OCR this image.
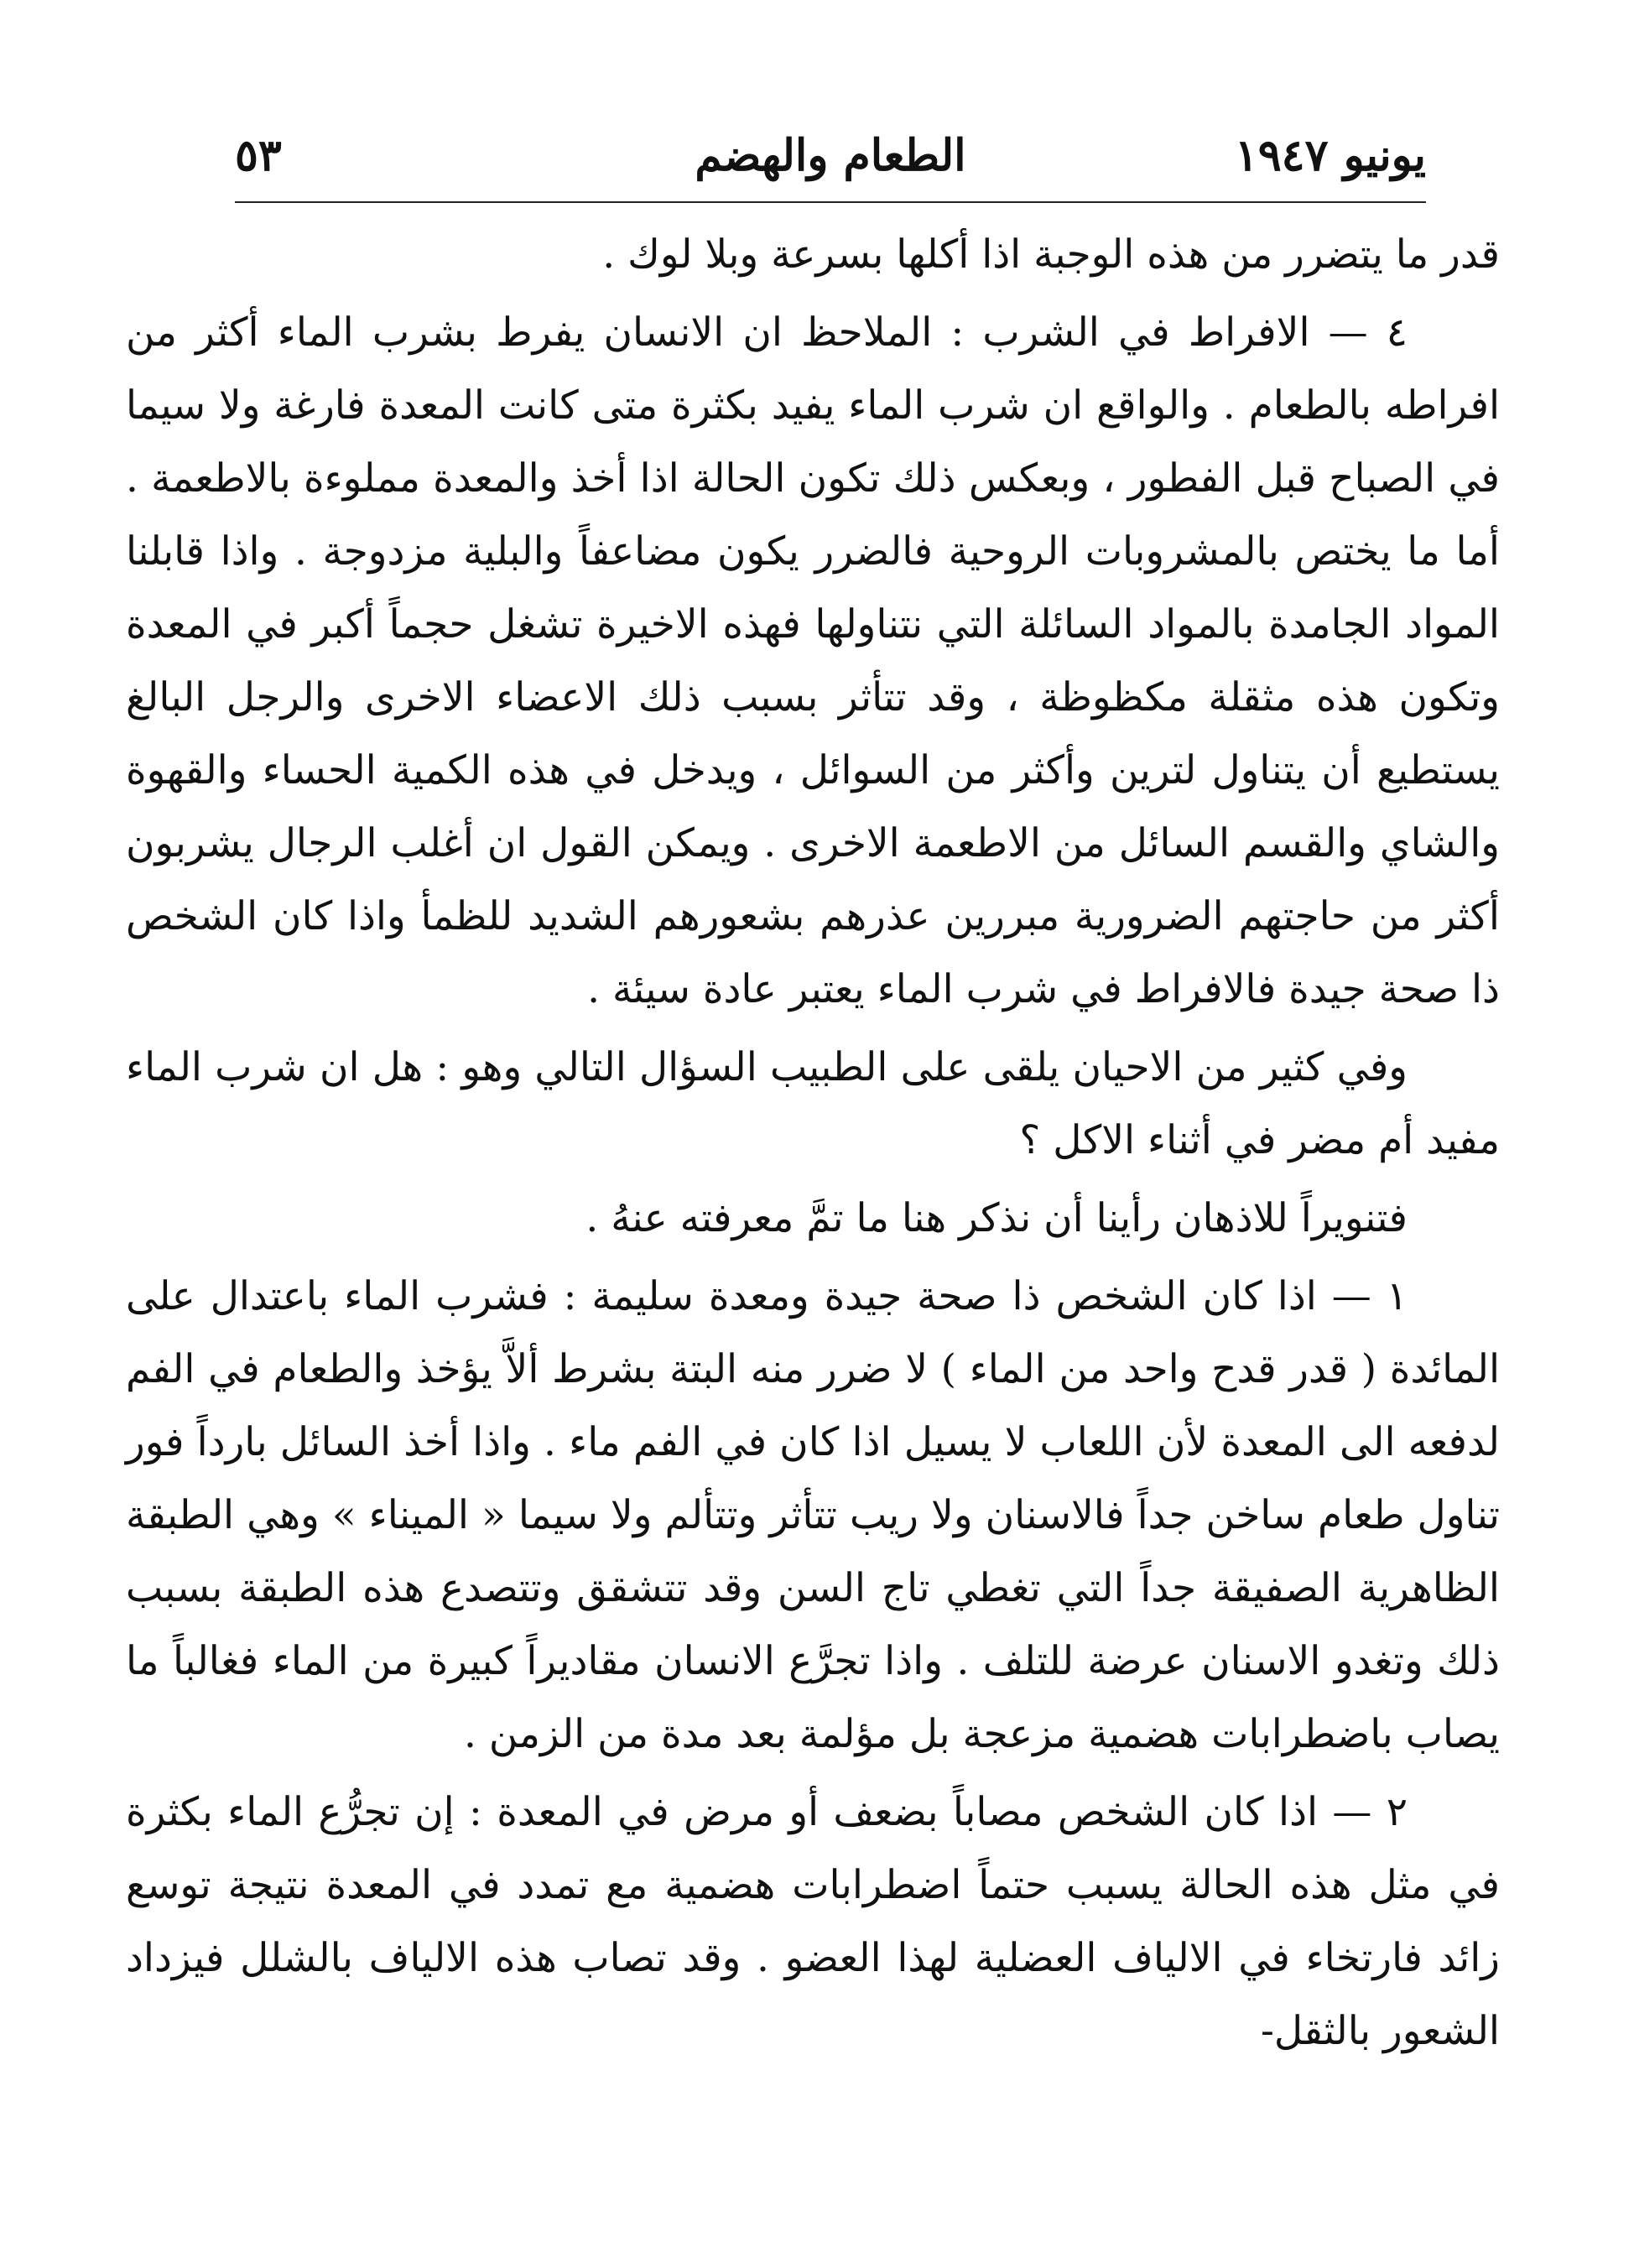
يونيو ١٩٤٧
الطعام والهضم
٥٣

قدر ما يتضرر من هذه الوجبة اذا أكلها بسرعة وبلا لوك .

٤ — الافراط في الشرب : الملاحظ ان الانسان يفرط بشرب الماء أكثر من افراطه بالطعام . والواقع ان شرب الماء يفيد بكثرة متى كانت المعدة فارغة ولا سيما في الصباح قبل الفطور ، وبعكس ذلك تكون الحالة اذا أخذ والمعدة مملوءة بالاطعمة . أما ما يختص بالمشروبات الروحية فالضرر يكون مضاعفاً والبلية مزدوجة . واذا قابلنا المواد الجامدة بالمواد السائلة التي نتناولها فهذه الاخيرة تشغل حجماً أكبر في المعدة وتكون هذه مثقلة مكظوظة ، وقد تتأثر بسبب ذلك الاعضاء الاخرى والرجل البالغ يستطيع أن يتناول لترين وأكثر من السوائل ، ويدخل في هذه الكمية الحساء والقهوة والشاي والقسم السائل من الاطعمة الاخرى . ويمكن القول ان أغلب الرجال يشربون أكثر من حاجتهم الضرورية مبررين عذرهم بشعورهم الشديد للظمأ واذا كان الشخص ذا صحة جيدة فالافراط في شرب الماء يعتبر عادة سيئة .

وفي كثير من الاحيان يلقى على الطبيب السؤال التالي وهو : هل ان شرب الماء مفيد أم مضر في أثناء الاكل ؟

فتنويراً للاذهان رأينا أن نذكر هنا ما تمَّ معرفته عنهُ .

١ — اذا كان الشخص ذا صحة جيدة ومعدة سليمة : فشرب الماء باعتدال على المائدة ( قدر قدح واحد من الماء ) لا ضرر منه البتة بشرط ألاَّ يؤخذ والطعام في الفم لدفعه الى المعدة لأن اللعاب لا يسيل اذا كان في الفم ماء . واذا أخذ السائل بارداً فور تناول طعام ساخن جداً فالاسنان ولا ريب تتأثر وتتألم ولا سيما « الميناء » وهي الطبقة الظاهرية الصفيقة جداً التي تغطي تاج السن وقد تتشقق وتتصدع هذه الطبقة بسبب ذلك وتغدو الاسنان عرضة للتلف . واذا تجرَّع الانسان مقاديراً كبيرة من الماء فغالباً ما يصاب باضطرابات هضمية مزعجة بل مؤلمة بعد مدة من الزمن .

٢ — اذا كان الشخص مصاباً بضعف أو مرض في المعدة : إن تجرُّع الماء بكثرة في مثل هذه الحالة يسبب حتماً اضطرابات هضمية مع تمدد في المعدة نتيجة توسع زائد فارتخاء في الالياف العضلية لهذا العضو . وقد تصاب هذه الالياف بالشلل فيزداد الشعور بالثقل-
